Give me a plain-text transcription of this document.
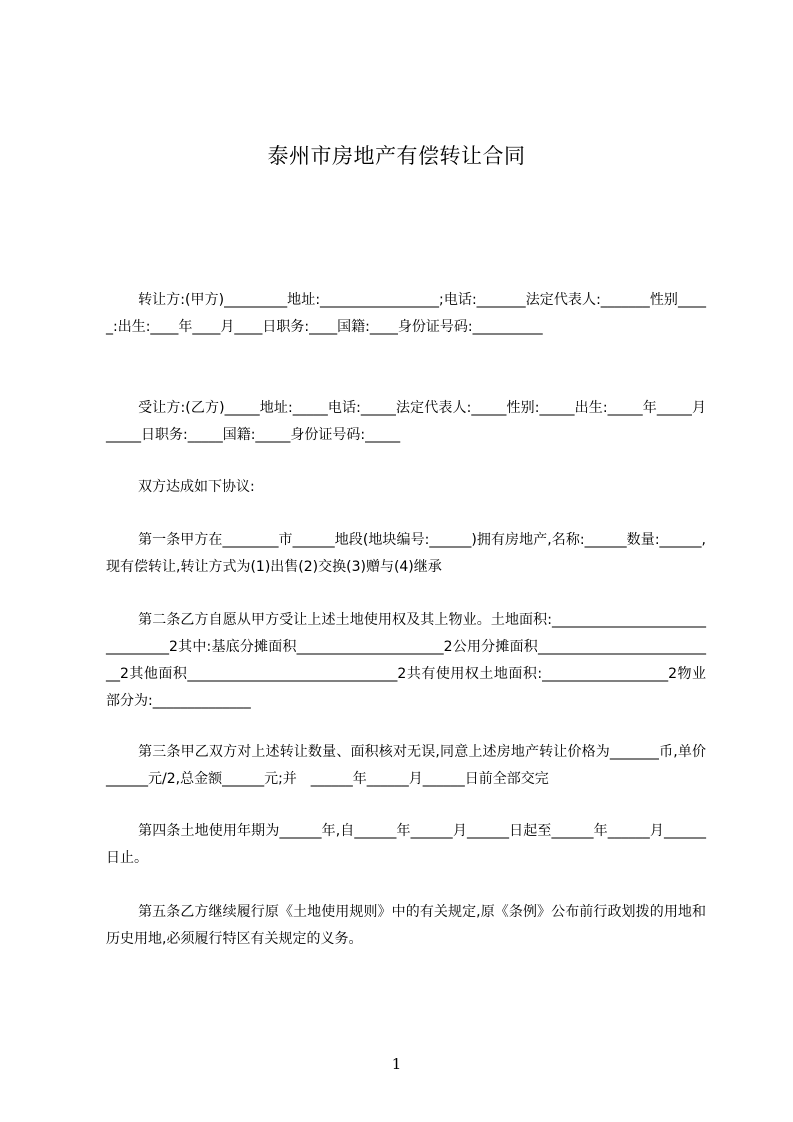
泰州市房地产有偿转让合同

转让方:(甲方)_________地址:_________________;电话:_______法定代表人:_______性别_____:出生:____年____月____日职务:____国籍:____身份证号码:__________

受让方:(乙方)_____地址:_____电话:_____法定代表人:_____性别:_____出生:_____年_____月_____日职务:_____国籍:_____身份证号码:_____

双方达成如下协议:

第一条甲方在________市______地段(地块编号:______)拥有房地产,名称:______数量:______,现有偿转让,转让方式为(1)出售(2)交换(3)赠与(4)继承

第二条乙方自愿从甲方受让上述土地使用权及其上物业。土地面积:_______________________________2其中:基底分摊面积_____________________2公用分摊面积__________________________2其他面积______________________________2共有使用权土地面积:__________________2物业部分为:______________

第三条甲乙双方对上述转让数量、面积核对无误,同意上述房地产转让价格为_______币,单价______元/2,总金额______元;并　______年______月______日前全部交完

第四条土地使用年期为______年,自______年______月______日起至______年______月______日止。

第五条乙方继续履行原《土地使用规则》中的有关规定,原《条例》公布前行政划拨的用地和历史用地,必须履行特区有关规定的义务。

1
